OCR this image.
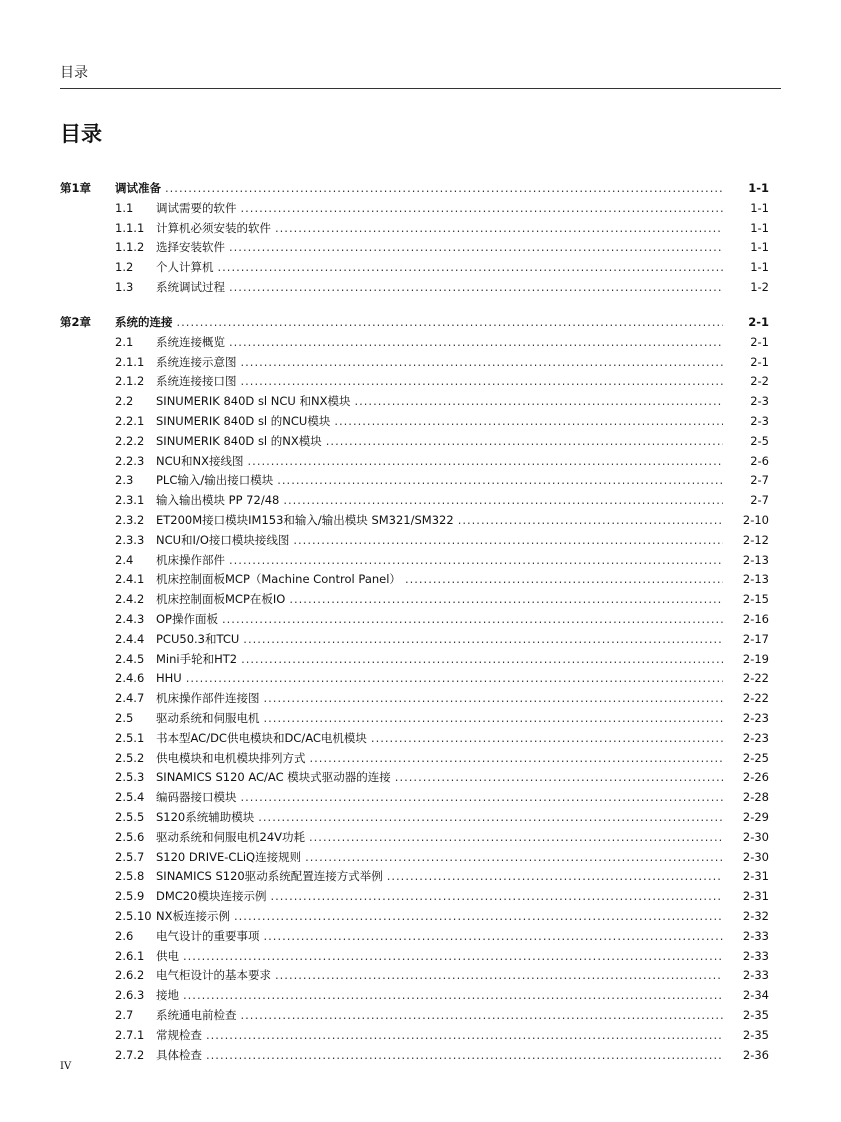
目录
目录
第1章 调试准备 .....	1-1
1.1 调试需要的软件 .....	1-1
1.1.1 计算机必须安装的软件 .....	1-1
1.1.2 选择安装软件 .....	1-1
1.2 个人计算机 .....	1-1
1.3 系统调试过程 .....	1-2
第2章 系统的连接 .....	2-1
2.1 系统连接概览 .....	2-1
2.1.1 系统连接示意图 .....	2-1
2.1.2 系统连接接口图 .....	2-2
2.2 SINUMERIK 840D sl NCU 和NX模块 .....	2-3
2.2.1 SINUMERIK 840D sl 的NCU模块 .....	2-3
2.2.2 SINUMERIK 840D sl 的NX模块 .....	2-5
2.2.3 NCU和NX接线图 .....	2-6
2.3 PLC输入/输出接口模块 .....	2-7
2.3.1 输入输出模块 PP 72/48 .....	2-7
2.3.2 ET200M接口模块IM153和输入/输出模块 SM321/SM322 .....	2-10
2.3.3 NCU和I/O接口模块接线图 .....	2-12
2.4 机床操作部件 .....	2-13
2.4.1 机床控制面板MCP（Machine Control Panel） .....	2-13
2.4.2 机床控制面板MCP在板IO .....	2-15
2.4.3 OP操作面板 .....	2-16
2.4.4 PCU50.3和TCU .....	2-17
2.4.5 Mini手轮和HT2 .....	2-19
2.4.6 HHU .....	2-22
2.4.7 机床操作部件连接图 .....	2-22
2.5 驱动系统和伺服电机 .....	2-23
2.5.1 书本型AC/DC供电模块和DC/AC电机模块 .....	2-23
2.5.2 供电模块和电机模块排列方式 .....	2-25
2.5.3 SINAMICS S120 AC/AC 模块式驱动器的连接 .....	2-26
2.5.4 编码器接口模块 .....	2-28
2.5.5 S120系统辅助模块 .....	2-29
2.5.6 驱动系统和伺服电机24V功耗 .....	2-30
2.5.7 S120 DRIVE-CLiQ连接规则 .....	2-30
2.5.8 SINAMICS S120驱动系统配置连接方式举例 .....	2-31
2.5.9 DMC20模块连接示例 .....	2-31
2.5.10 NX板连接示例 .....	2-32
2.6 电气设计的重要事项 .....	2-33
2.6.1 供电 .....	2-33
2.6.2 电气柜设计的基本要求 .....	2-33
2.6.3 接地 .....	2-34
2.7 系统通电前检查 .....	2-35
2.7.1 常规检查 .....	2-35
2.7.2 具体检查 .....	2-36
IV
